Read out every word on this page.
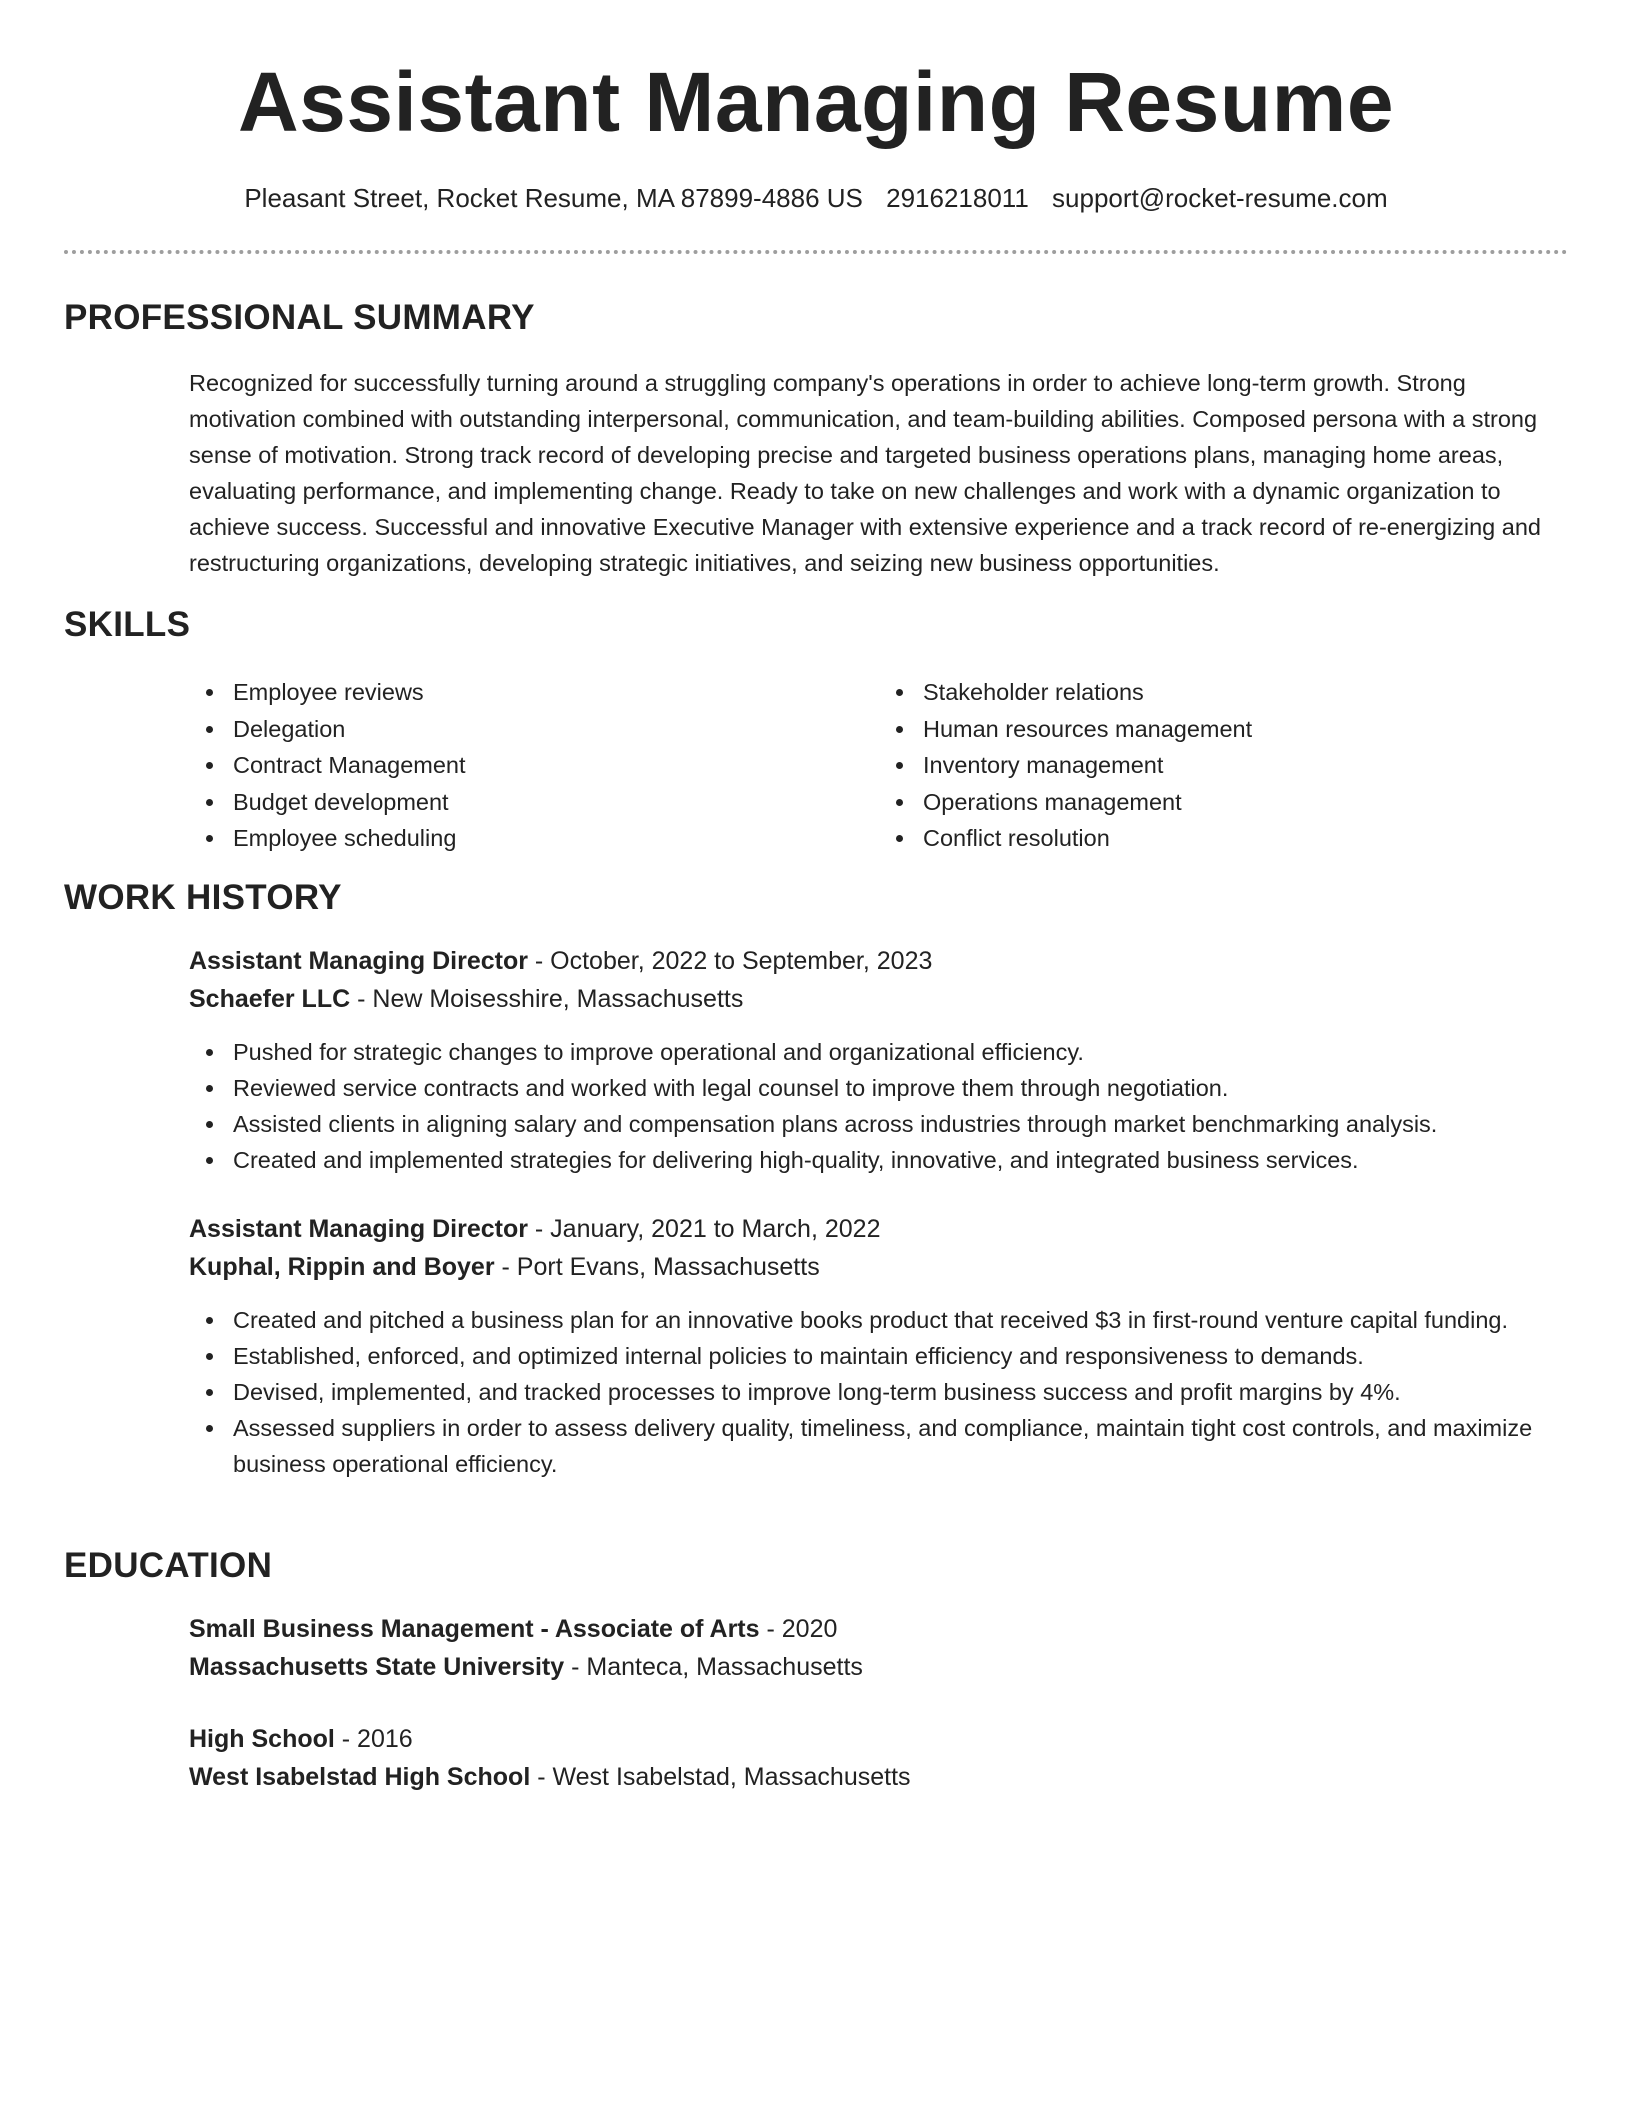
Assistant Managing Resume
Pleasant Street, Rocket Resume, MA 87899-4886 US 2916218011 support@rocket-resume.com
PROFESSIONAL SUMMARY

Recognized for successfully turning around a struggling company's operations in order to achieve long-term growth. Strong motivation combined with outstanding interpersonal, communication, and team-building abilities. Composed persona with a strong sense of motivation. Strong track record of developing precise and targeted business operations plans, managing home areas, evaluating performance, and implementing change. Ready to take on new challenges and work with a dynamic organization to achieve success. Successful and innovative Executive Manager with extensive experience and a track record of re-energizing and restructuring organizations, developing strategic initiatives, and seizing new business opportunities.

SKILLS
Employee reviews
Delegation
Contract Management
Budget development
Employee scheduling
Stakeholder relations
Human resources management
Inventory management
Operations management
Conflict resolution
WORK HISTORY
Assistant Managing Director - October, 2022 to September, 2023
Schaefer LLC - New Moisesshire, Massachusetts
Pushed for strategic changes to improve operational and organizational efficiency.
Reviewed service contracts and worked with legal counsel to improve them through negotiation.
Assisted clients in aligning salary and compensation plans across industries through market benchmarking analysis.
Created and implemented strategies for delivering high-quality, innovative, and integrated business services.
Assistant Managing Director - January, 2021 to March, 2022
Kuphal, Rippin and Boyer - Port Evans, Massachusetts
Created and pitched a business plan for an innovative books product that received $3 in first-round venture capital funding.
Established, enforced, and optimized internal policies to maintain efficiency and responsiveness to demands.
Devised, implemented, and tracked processes to improve long-term business success and profit margins by 4%.
Assessed suppliers in order to assess delivery quality, timeliness, and compliance, maintain tight cost controls, and maximize business operational efficiency.
EDUCATION
Small Business Management - Associate of Arts - 2020
Massachusetts State University - Manteca, Massachusetts
High School - 2016
West Isabelstad High School - West Isabelstad, Massachusetts
